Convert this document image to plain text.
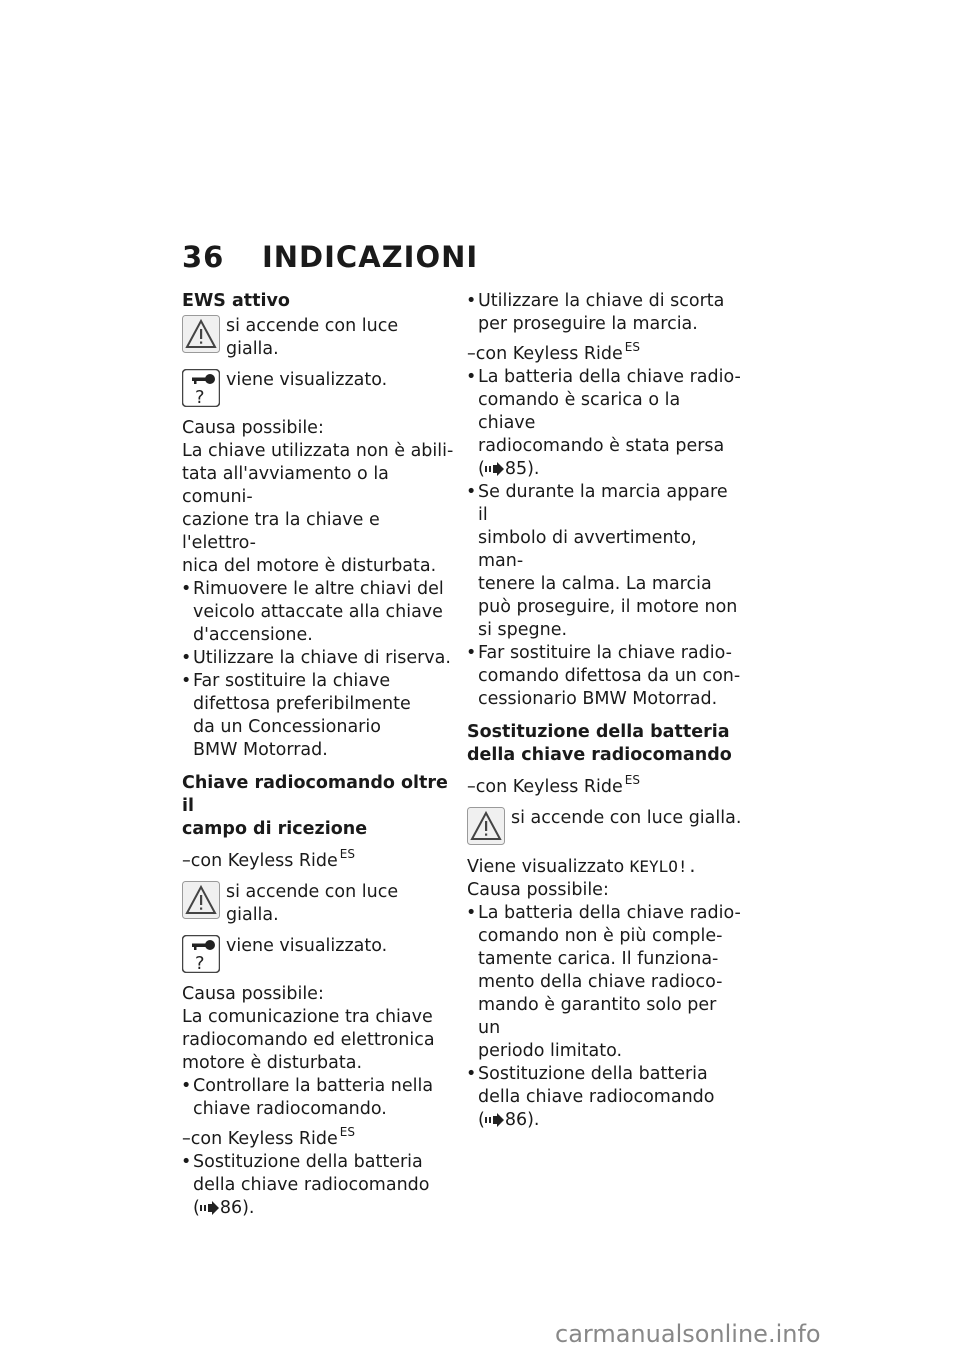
36 INDICAZIONI
EWS attivo
si accende con luce gialla.
?
viene visualizzato.

Causa possibile:

La chiave utilizzata non è abili-

tata all'avviamento o la comuni-

cazione tra la chiave e l'elettro-

nica del motore è disturbata.

• Rimuovere le altre chiavi del
veicolo attaccate alla chiave
d'accensione.
• Utilizzare la chiave di riserva.
• Far sostituire la chiave
difettosa preferibilmente
da un Concessionario
BMW Motorrad.
Chiave radiocomando oltre il
campo di ricezione

–con Keyless Ride $^{ES}$

si accende con luce gialla.
?
viene visualizzato.

Causa possibile:

La comunicazione tra chiave

radiocomando ed elettronica

motore è disturbata.

• Controllare la batteria nella
chiave radiocomando.

–con Keyless Ride $^{ES}$

• Sostituzione della batteria
della chiave radiocomando
( 86).
• Utilizzare la chiave di scorta
per proseguire la marcia.

–con Keyless Ride $^{ES}$

• La batteria della chiave radio-
comando è scarica o la chiave
radiocomando è stata persa
( 85).
• Se durante la marcia appare il
simbolo di avvertimento, man-
tenere la calma. La marcia
può proseguire, il motore non
si spegne.
• Far sostituire la chiave radio-
comando difettosa da un con-
cessionario BMW Motorrad.
Sostituzione della batteria
della chiave radiocomando

–con Keyless Ride $^{ES}$

si accende con luce gialla.

Viene visualizzato KEYLO!.

Causa possibile:

• La batteria della chiave radio-
comando non è più comple-
tamente carica. Il funziona-
mento della chiave radioco-
mando è garantito solo per un
periodo limitato.
• Sostituzione della batteria
della chiave radiocomando
( 86).
carmanualsonline.info
